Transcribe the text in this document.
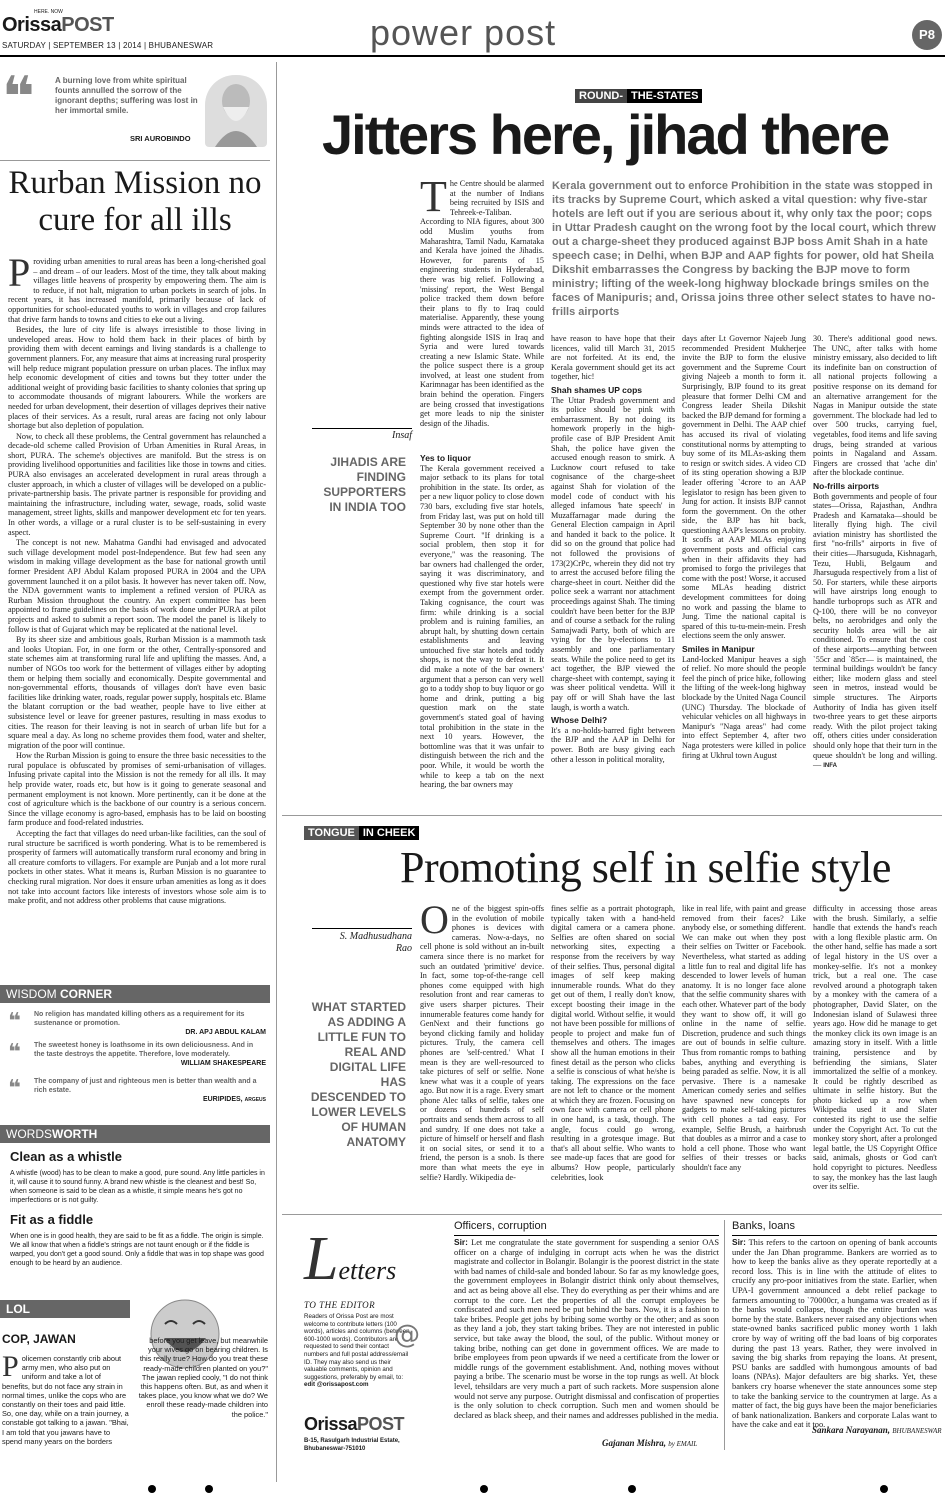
OrissaPOST
HERE. NOW
SATURDAY | SEPTEMBER 13 | 2014 | BHUBANESWAR	power post	P8
❝	A burning love from white spiritual founts annulled the sorrow of the ignorant depths; suffering was lost in her immortal smile.
SRI AUROBINDO
Rurban Mission no cure for all ills
P roviding urban amenities to rural areas has been a long-cherished goal – and dream – of our leaders. Most of the time, they talk about making villages little heavens of prosperity by empowering them. The aim is to reduce, if not halt, migration to urban pockets in search of jobs. In recent years, it has increased manifold, primarily because of lack of opportunities for school-educated youths to work in villages and crop failures that drive farm hands to towns and cities to eke out a living.

Besides, the lure of city life is always irresistible to those living in undeveloped areas. How to hold them back in their places of birth by providing them with decent earnings and living standards is a challenge to government planners. For, any measure that aims at increasing rural prosperity will help reduce migrant population pressure on urban places. The influx may help economic development of cities and towns but they totter under the additional weight of providing basic facilities to shanty colonies that spring up to accommodate thousands of migrant labourers. While the workers are needed for urban development, their desertion of villages deprives their native places of their services. As a result, rural areas are facing not only labour shortage but also depletion of population.

Now, to check all these problems, the Central government has relaunched a decade-old scheme called Provision of Urban Amenities in Rural Areas, in short, PURA. The scheme's objectives are manifold. But the stress is on providing livelihood opportunities and facilities like those in towns and cities. PURA also envisages an accelerated development in rural areas through a cluster approach, in which a cluster of villages will be developed on a public-private-partnership basis. The private partner is responsible for providing and maintaining the infrastructure, including water, sewage, roads, solid waste management, street lights, skills and manpower development etc for ten years. In other words, a village or a rural cluster is to be self-sustaining in every aspect.

The concept is not new. Mahatma Gandhi had envisaged and advocated such village development model post-Independence. But few had seen any wisdom in making village development as the base for national growth until former President APJ Abdul Kalam proposed PURA in 2004 and the UPA government launched it on a pilot basis. It however has never taken off. Now, the NDA government wants to implement a refined version of PURA as Rurban Mission throughout the country. An expert committee has been appointed to frame guidelines on the basis of work done under PURA at pilot projects and asked to submit a report soon. The model the panel is likely to follow is that of Gujarat which may be replicated at the national level.

By its sheer size and ambitious goals, Rurban Mission is a mammoth task and looks Utopian. For, in one form or the other, Centrally-sponsored and state schemes aim at transforming rural life and uplifting the masses. And, a number of NGOs too work for the betterment of villages either by adopting them or helping them socially and economically. Despite governmental and non-governmental efforts, thousands of villages don't have even basic facilities like drinking water, roads, regular power supply, hospitals etc. Blame the blatant corruption or the bad weather, people have to live either at subsistence level or leave for greener pastures, resulting in mass exodus to cities. The reason for their leaving is not in search of urban life but for a square meal a day. As long no scheme provides them food, water and shelter, migration of the poor will continue.

How the Rurban Mission is going to ensure the three basic necessities to the rural populace is obfuscated by promises of semi-urbanisation of villages. Infusing private capital into the Mission is not the remedy for all ills. It may help provide water, roads etc, but how is it going to generate seasonal and permanent employment is not known. More pertinently, can it be done at the cost of agriculture which is the backbone of our country is a serious concern. Since the village economy is agro-based, emphasis has to be laid on boosting farm produce and food-related industries.

Accepting the fact that villages do need urban-like facilities, can the soul of rural structure be sacrificed is worth pondering. What is to be remembered is prosperity of farmers will automatically transform rural economy and bring in all creature comforts to villagers. For example are Punjab and a lot more rural pockets in other states. What it means is, Rurban Mission is no guarantee to checking rural migration. Nor does it ensure urban amenities as long as it does not take into account factors like interests of investors whose sole aim is to make profit, and not address other problems that cause migrations.

WISDOM CORNER
❝ No religion has mandated killing others as a requirement for its sustenance or promotion.
DR. APJ ABDUL KALAM
❝ The sweetest honey is loathsome in its own deliciousness. And in the taste destroys the appetite. Therefore, love moderately.
WILLIAM SHAKESPEARE
❝ The company of just and righteous men is better than wealth and a rich estate.
EURIPIDES, ARGEUS
WORDSWORTH
Clean as a whistle
A whistle (wood) has to be clean to make a good, pure sound. Any little particles in it, will cause it to sound funny. A brand new whistle is the cleanest and best! So, when someone is said to be clean as a whistle, it simple means he's got no imperfections or is not guilty.
Fit as a fiddle
When one is in good health, they are said to be fit as a fiddle. The origin is simple. We all know that when a fiddle's strings are not taunt enough or if the fiddle is warped, you don't get a good sound. Only a fiddle that was in top shape was good enough to be heard by an audience.
LOL
COP, JAWAN
Policemen constantly crib about army men, who also put on uniform and take a lot of benefits, but do not face any strain in normal times, unlike the cops who are constantly on their toes and paid little. So, one day, while on a train journey, a constable got talking to a jawan. "Bhai, I am told that you jawans have to spend many years on the borders
before you get leave, but meanwhile your wives go on bearing children. Is this really true? How do you treat these ready-made children planted on you?" The jawan replied cooly, "I do not think this happens often. But, as and when it takes place, you know what we do? We enroll these ready-made children into the police."
ROUND- THE-STATES
Jitters here, jihad there
The Centre should be alarmed at the number of Indians being recruited by ISIS and Tehreek-e-Taliban. According to NIA figures, about 300 odd Muslim youths from Maharashtra, Tamil Nadu, Karnataka and Kerala have joined the Jihadis. However, for parents of 15 engineering students in Hyderabad, there was big relief. Following a 'missing' report, the West Bengal police tracked them down before their plans to fly to Iraq could materialise. Apparently, these young minds were attracted to the idea of fighting alongside ISIS in Iraq and Syria and were lured towards creating a new Islamic State. While the police suspect there is a group involved, at least one student from Karimnagar has been identified as the brain behind the operation. Fingers are being crossed that investigations get more leads to nip the sinister design of the Jihadis.
Insaf
JIHADIS ARE FINDING SUPPORTERS IN INDIA TOO
Kerala government out to enforce Prohibition in the state was stopped in its tracks by Supreme Court, which asked a vital question: why five-star hotels are left out if you are serious about it, why only tax the poor; cops in Uttar Pradesh caught on the wrong foot by the local court, which threw out a charge-sheet they produced against BJP boss Amit Shah in a hate speech case; in Delhi, when BJP and AAP fights for power, old hat Sheila Dikshit embarrasses the Congress by backing the BJP move to form ministry; lifting of the week-long highway blockade brings smiles on the faces of Manipuris; and, Orissa joins three other select states to have no-frills airports
Yes to liquor
The Kerala government received a major setback to its plans for total prohibition in the state. Its order, as per a new liquor policy to close down 730 bars, excluding five star hotels, from Friday last, was put on hold till September 30 by none other than the Supreme Court. "If drinking is a social problem, then stop it for everyone," was the reasoning. The bar owners had challenged the order, saying it was discriminatory, and questioned why five star hotels were exempt from the government order. Taking cognisance, the court was firm: while drinking is a social problem and is ruining families, an abrupt halt, by shutting down certain establishments and leaving untouched five star hotels and toddy shops, is not the way to defeat it. It did make a note of the bar owners' argument that a person can very well go to a toddy shop to buy liquor or go home and drink, putting a big question mark on the state government's stated goal of having total prohibition in the state in the next 10 years. However, the bottomline was that it was unfair to distinguish between the rich and the poor. While, it would be worth the while to keep a tab on the next hearing, the bar owners may
have reason to have hope that their licences, valid till March 31, 2015 are not forfeited. At its end, the Kerala government should get its act together, hic!
Shah shames UP cops
The Uttar Pradesh government and its police should be pink with embarrassment. By not doing its homework properly in the high-profile case of BJP President Amit Shah, the police have given the accused enough reason to smirk. A Lucknow court refused to take cognisance of the charge-sheet against Shah for violation of the model code of conduct with his alleged infamous 'hate speech' in Muzaffarnagar made during the General Election campaign in April and handed it back to the police. It did so on the ground that police had not followed the provisions of 173(2)CrPc, wherein they did not try to arrest the accused before filing the charge-sheet in court. Neither did the police seek a warrant nor attachment proceedings against Shah. The timing couldn't have been better for the BJP and of course a setback for the ruling Samajwadi Party, both of which are vying for the by-elections to 11 assembly and one parliamentary seats. While the police need to get its act together, the BJP viewed the charge-sheet with contempt, saying it was sheer political vendetta. Will it pay off or will Shah have the last laugh, is worth a watch.
Whose Delhi?
It's a no-holds-barred fight between the BJP and the AAP in Delhi for power. Both are busy giving each other a lesson in political morality,
days after Lt Governor Najeeb Jung recommended President Mukherjee invite the BJP to form the elusive government and the Supreme Court giving Najeeb a month to form it. Surprisingly, BJP found to its great pleasure that former Delhi CM and Congress leader Sheila Dikshit backed the BJP demand for forming a government in Delhi. The AAP chief has accused its rival of violating constitutional norms by attempting to buy some of its MLAs-asking them to resign or switch sides. A video CD of its sting operation showing a BJP leader offering `4crore to an AAP legislator to resign has been given to Jung for action. It insists BJP cannot form the government. On the other side, the BJP has hit back, questioning AAP's lessons on probity. It scoffs at AAP MLAs enjoying government posts and official cars when in their affidavits they had promised to forgo the privileges that come with the post! Worse, it accused some MLAs heading district development committees for doing no work and passing the blame to Jung. Time the national capital is spared of this tu-tu-mein-mein. Fresh elections seem the only answer.
Smiles in Manipur
Land-locked Manipur heaves a sigh of relief. No more should the people feel the pinch of price hike, following the lifting of the week-long highway blockade by the United Naga Council (UNC) Thursday. The blockade of vehicular vehicles on all highways in Manipur's "Naga areas" had come into effect September 4, after two Naga protesters were killed in police firing at Ukhrul town August
30. There's additional good news. The UNC, after talks with home ministry emissary, also decided to lift its indefinite ban on construction of all national projects following a positive response on its demand for an alternative arrangement for the Nagas in Manipur outside the state government. The blockade had led to over 500 trucks, carrying fuel, vegetables, food items and life saving drugs, being stranded at various points in Nagaland and Assam. Fingers are crossed that 'ache din' after the blockade continue.
No-frills airports
Both governments and people of four states—Orissa, Rajasthan, Andhra Pradesh and Karnataka—should be literally flying high. The civil aviation ministry has shortlisted the first "no-frills" airports in five of their cities—Jharsuguda, Kishnagarh, Tezu, Hubli, Belgaum and Jharsuguda respectively from a list of 50. For starters, while these airports will have airstrips long enough to handle turboprops such as ATR and Q-100, there will be no conveyor belts, no aerobridges and only the security holds area will be air conditioned. To ensure that the cost of these airports—anything between `55cr and `85cr— is maintained, the terminal buildings wouldn't be fancy either; like modern glass and steel seen in metros, instead would be simple structures. The Airports Authority of India has given itself two-three years to get these airports ready. With the pilot project taking off, others cities under consideration should only hope that their turn in the queue shouldn't be long and willing. — INFA
TONGUE IN CHEEK
Promoting self in selfie style
S. Madhusudhana
Rao
WHAT STARTED AS ADDING A LITTLE FUN TO REAL AND DIGITAL LIFE HAS DESCENDED TO LOWER LEVELS OF HUMAN ANATOMY
One of the biggest spin-offs in the evolution of mobile phones is devices with cameras. Now-a-days, no cell phone is sold without an in-built camera since there is no market for such an outdated 'primitive' device. In fact, some top-of-the-range cell phones come equipped with high resolution front and rear cameras to give users sharper pictures. Their innumerable features come handy for GenNext and their functions go beyond clicking family and holiday pictures. Truly, the camera cell phones are 'self-centred.' What I mean is they are well-resourced to take pictures of self or selfie. None knew what was it a couple of years ago. But now it is a rage. Every smart phone Alec talks of selfie, takes one or dozens of hundreds of self portraits and sends them across to all and sundry. If one does not take a picture of himself or herself and flash it on social sites, or send it to a friend, the person is a snob. Is there more than what meets the eye in selfie? Hardly. Wikipedia de-
fines selfie as a portrait photograph, typically taken with a hand-held digital camera or a camera phone. Selfies are often shared on social networking sites, expecting a response from the receivers by way of their selfies. Thus, personal digital images of self keep making innumerable rounds. What do they get out of them, I really don't know, except boosting their image in the digital world. Without selfie, it would not have been possible for millions of people to project and make fun of themselves and others. The images show all the human emotions in their finest detail as the person who clicks a selfie is conscious of what he/she is taking. The expressions on the face are not left to chance or the moment at which they are frozen. Focusing on own face with camera or cell phone in one hand, is a task, though. The angle, focus could go wrong, resulting in a grotesque image. But that's all about selfie. Who wants to see made-up faces that are good for albums? How people, particularly celebrities, look
like in real life, with paint and grease removed from their faces? Like anybody else, or something different. We can make out when they post their selfies on Twitter or Facebook. Nevertheless, what started as adding a little fun to real and digital life has descended to lower levels of human anatomy. It is no longer face alone that the selfie community shares with each other. Whatever part of the body they want to show off, it will go online in the name of selfie. Discretion, prudence and such things are out of bounds in selfie culture. Thus from romantic romps to bathing babes, anything and everything is being paraded as selfie. Now, it is all pervasive. There is a namesake American comedy series and selfies have spawned new concepts for gadgets to make self-taking pictures with cell phones a tad easy. For example, Selfie Brush, a hairbrush that doubles as a mirror and a case to hold a cell phone. Those who want selfies of their tresses or backs shouldn't face any
difficulty in accessing those areas with the brush. Similarly, a selfie handle that extends the hand's reach with a long flexible plastic arm. On the other hand, selfie has made a sort of legal history in the US over a monkey-selfie. It's not a monkey trick, but a real one. The case revolved around a photograph taken by a monkey with the camera of a photographer, David Slater, on the Indonesian island of Sulawesi three years ago. How did he manage to get the monkey click its own image is an amazing story in itself. With a little training, persistence and by befriending the simians, Slater immortalized the selfie of a monkey. It could be rightly described as ultimate in selfie history. But the photo kicked up a row when Wikipedia used it and Slater contested its right to use the selfie under the Copyright Act. To cut the monkey story short, after a prolonged legal battle, the US Copyright Office said, animals, ghosts or God can't hold copyright to pictures. Needless to say, the monkey has the last laugh over its selfie.
Letters
TO THE EDITOR
Readers of Orissa Post are most welcome to contribute letters (100 words), articles and columns (between 600-1000 words). Contributors are requested to send their contact numbers and full postal address/email ID. They may also send us their valuable comments, opinion and suggestions, preferably by email, to:
edit @orissapost.com
@
OrissaPOST
B-15, Rasulgarh Industrial Estate, Bhubaneswar-751010
Officers, corruption
Sir: Let me congratulate the state government for suspending a senior OAS officer on a charge of indulging in corrupt acts when he was the district magistrate and collector in Bolangir. Bolangir is the poorest district in the state with bad names of child-sale and bonded labour. So far as my knowledge goes, the government employees in Bolangir district think only about themselves, and act as being above all else. They do everything as per their whims and are corrupt to the core. Let the properties of all the corrupt employees be confiscated and such men need be put behind the bars. Now, it is a fashion to take bribes. People get jobs by bribing some worthy or the other; and as soon as they land a job, they start taking bribes. They are not interested in public service, but take away the blood, the soul, of the public. Without money or taking bribe, nothing can get done in government offices. We are made to bribe employees from peon upwards if we need a certificate from the lower or middle rungs of the government establishment. And, nothing moves without paying a bribe. The scenario must be worse in the top rungs as well. At block level, tehsildars are very much a part of such rackets. More suspension alone would not serve any purpose. Outright dismissal and confiscation of properties is the only solution to check corruption. Such men and women should be declared as black sheep, and their names and addresses published in the media.
Gajanan Mishra, by EMAIL
Banks, loans
Sir: This refers to the cartoon on opening of bank accounts under the Jan Dhan programme. Bankers are worried as to how to keep the banks alive as they operate reportedly at a record loss. This is in line with the attitude of elites to crucify any pro-poor initiatives from the state. Earlier, when UPA-I government announced a debt relief package to farmers amounting to `70000cr, a hungama was created as if the banks would collapse, though the entire burden was borne by the state. Bankers never raised any objections when state-owned banks sacrificed public money worth 1 lakh crore by way of writing off the bad loans of big corporates during the past 13 years. Rather, they were involved in saving the big sharks from repaying the loans. At present, PSU banks are saddled with humongous amounts of bad loans (NPAs). Major defaulters are big sharks. Yet, these bankers cry hoarse whenever the state announces some step to take the banking service to the countrymen at large. As a matter of fact, the big guys have been the major beneficiaries of bank nationalization. Bankers and corporate Lalas want to have the cake and eat it too.
Sankara Narayanan, BHUBANESWAR
